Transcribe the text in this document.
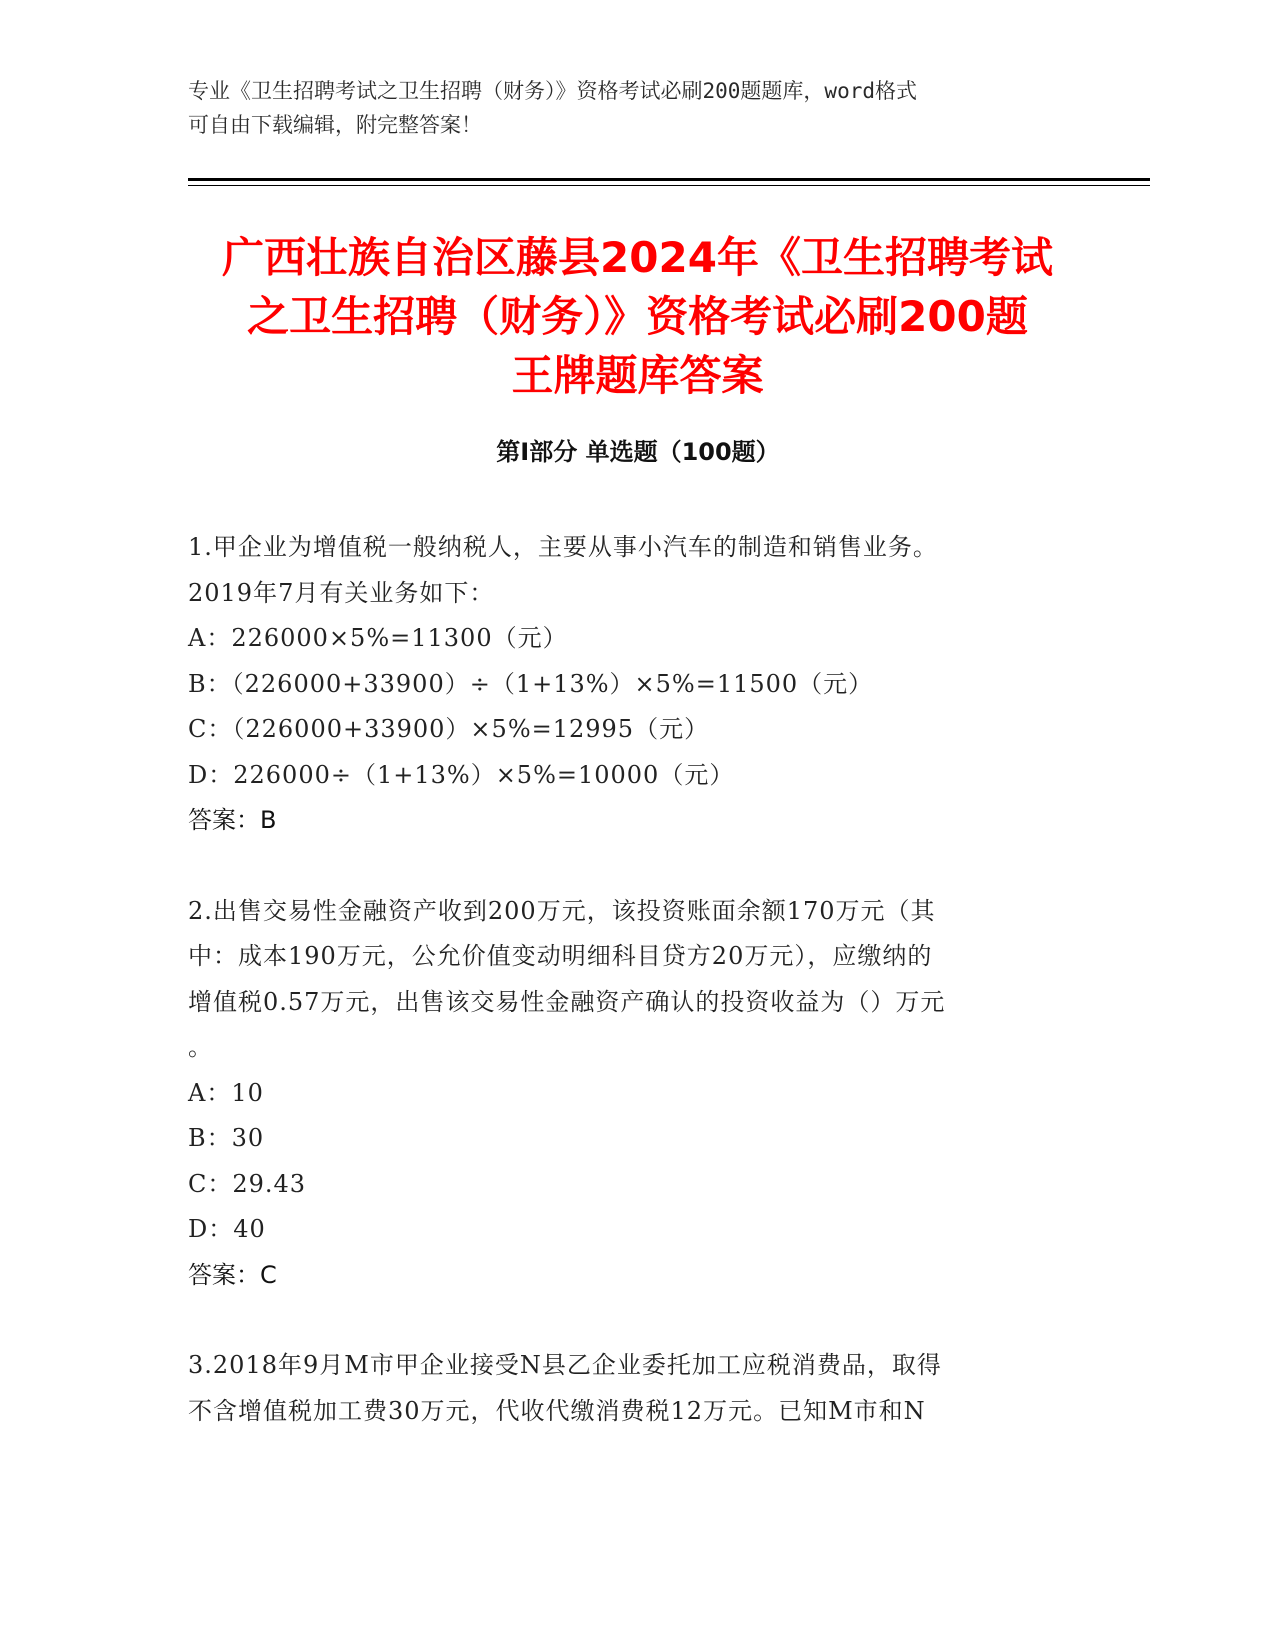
专业《卫生招聘考试之卫生招聘（财务）》资格考试必刷200题题库，word格式
可自由下载编辑，附完整答案！
广西壮族自治区藤县2024年《卫生招聘考试
之卫生招聘（财务）》资格考试必刷200题
王牌题库答案
第Ⅰ部分 单选题（100题）

1.甲企业为增值税一般纳税人，主要从事小汽车的制造和销售业务。

2019年7月有关业务如下：

A：226000×5%=11300（元）

B：（226000+33900）÷（1+13%）×5%=11500（元）

C：（226000+33900）×5%=12995（元）

D：226000÷（1+13%）×5%=10000（元）

答案：B

2.出售交易性金融资产收到200万元，该投资账面余额170万元（其

中：成本190万元，公允价值变动明细科目贷方20万元），应缴纳的

增值税0.57万元，出售该交易性金融资产确认的投资收益为（）万元

。

A：10

B：30

C：29.43

D：40

答案：C

3.2018年9月M市甲企业接受N县乙企业委托加工应税消费品，取得

不含增值税加工费30万元，代收代缴消费税12万元。已知M市和N
